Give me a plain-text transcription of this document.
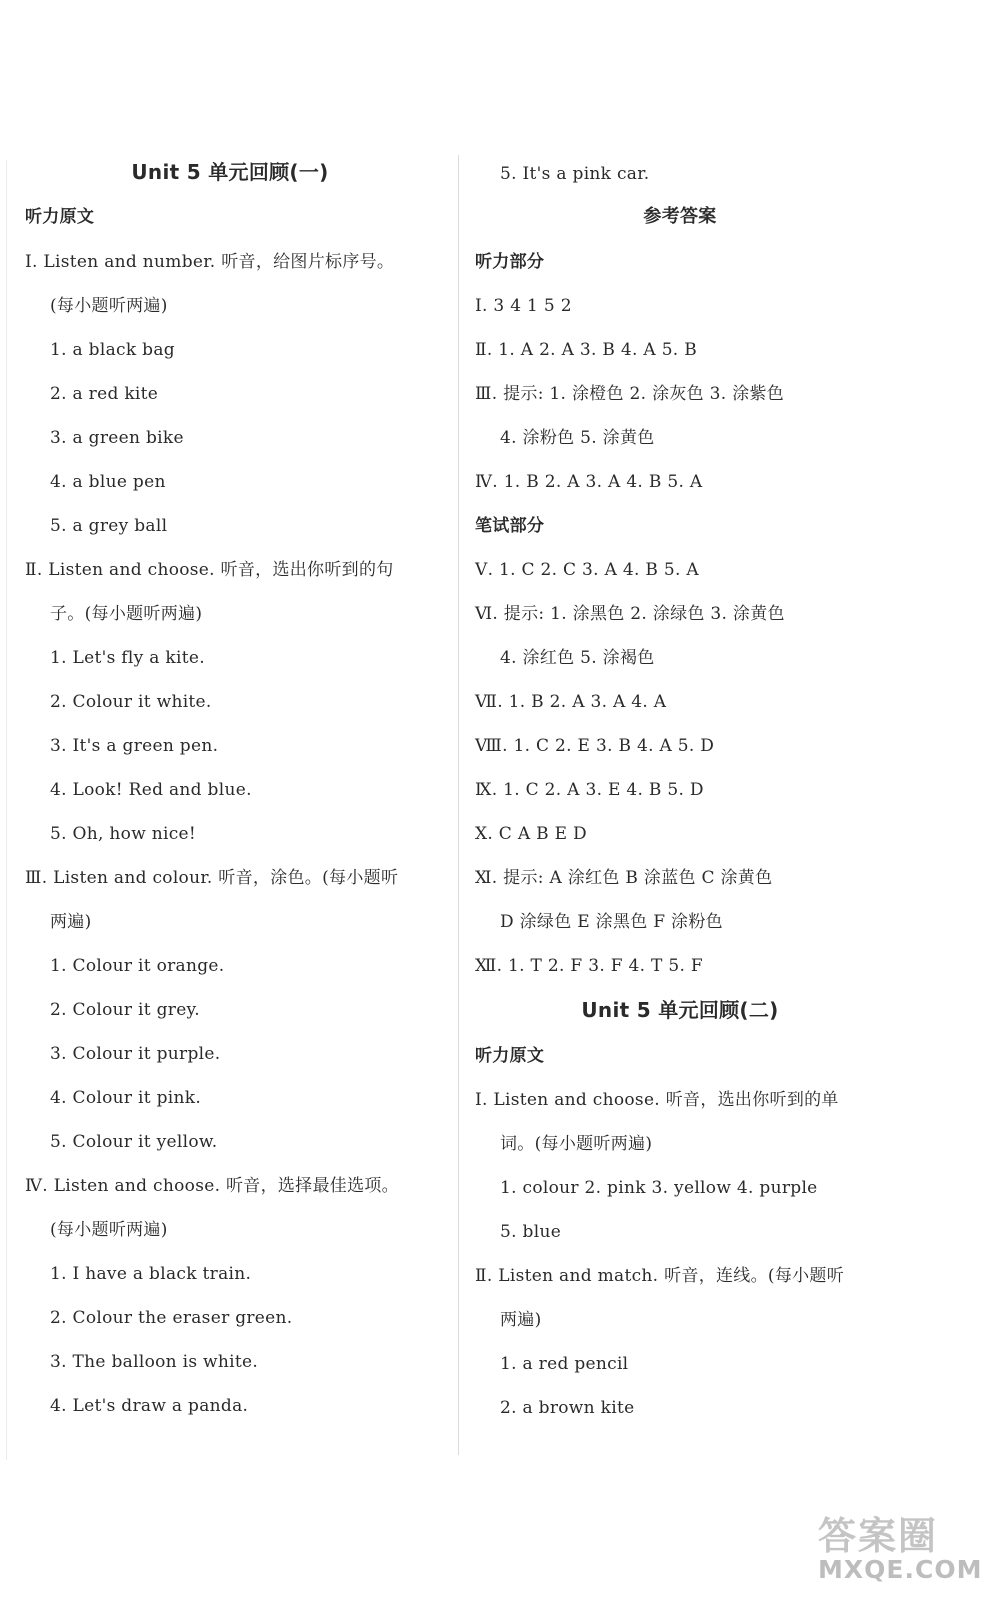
Unit 5 单元回顾(一)
听力原文
Ⅰ. Listen and number. 听音，给图片标序号。
(每小题听两遍)
1. a black bag
2. a red kite
3. a green bike
4. a blue pen
5. a grey ball
Ⅱ. Listen and choose. 听音，选出你听到的句
子。(每小题听两遍)
1. Let's fly a kite.
2. Colour it white.
3. It's a green pen.
4. Look! Red and blue.
5. Oh, how nice!
Ⅲ. Listen and colour. 听音，涂色。(每小题听
两遍)
1. Colour it orange.
2. Colour it grey.
3. Colour it purple.
4. Colour it pink.
5. Colour it yellow.
Ⅳ. Listen and choose. 听音，选择最佳选项。
(每小题听两遍)
1. I have a black train.
2. Colour the eraser green.
3. The balloon is white.
4. Let's draw a panda.
5. It's a pink car.
参考答案
听力部分
Ⅰ. 3 4 1 5 2
Ⅱ. 1. A 2. A 3. B 4. A 5. B
Ⅲ. 提示: 1. 涂橙色 2. 涂灰色 3. 涂紫色
4. 涂粉色 5. 涂黄色
Ⅳ. 1. B 2. A 3. A 4. B 5. A
笔试部分
Ⅴ. 1. C 2. C 3. A 4. B 5. A
Ⅵ. 提示: 1. 涂黑色 2. 涂绿色 3. 涂黄色
4. 涂红色 5. 涂褐色
Ⅶ. 1. B 2. A 3. A 4. A
Ⅷ. 1. C 2. E 3. B 4. A 5. D
Ⅸ. 1. C 2. A 3. E 4. B 5. D
Ⅹ. C A B E D
Ⅺ. 提示: A 涂红色 B 涂蓝色 C 涂黄色
D 涂绿色 E 涂黑色 F 涂粉色
Ⅻ. 1. T 2. F 3. F 4. T 5. F
Unit 5 单元回顾(二)
听力原文
Ⅰ. Listen and choose. 听音，选出你听到的单
词。(每小题听两遍)
1. colour 2. pink 3. yellow 4. purple
5. blue
Ⅱ. Listen and match. 听音，连线。(每小题听
两遍)
1. a red pencil
2. a brown kite
答案圈
MXQE.COM
